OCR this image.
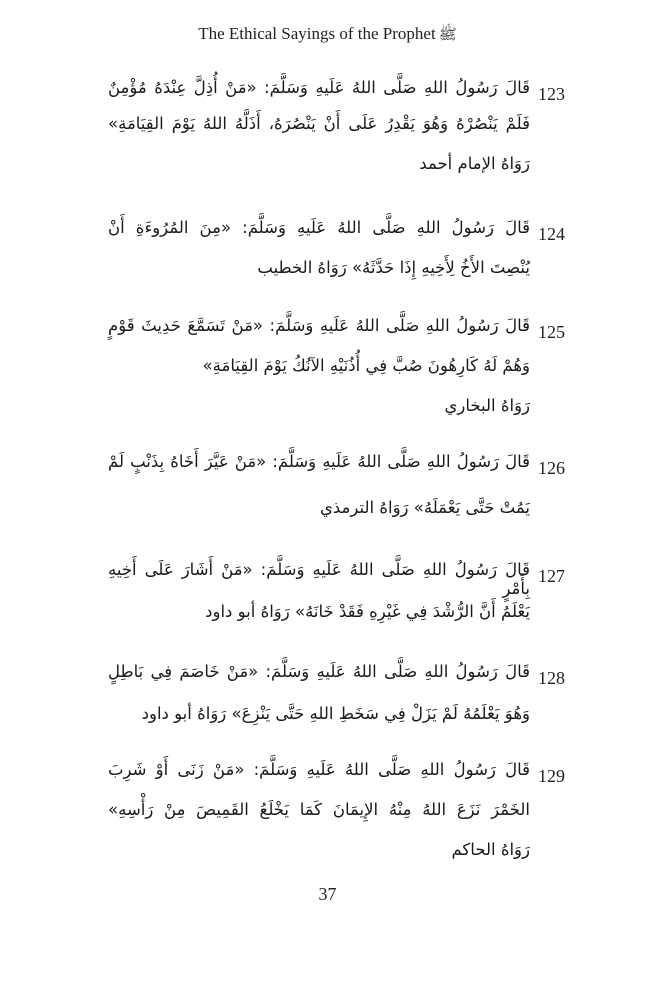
The Ethical Sayings of the Prophet ﷺ
123
قَالَ رَسُولُ اللهِ صَلَّى اللهُ عَلَيهِ وَسَلَّمَ: «مَنْ أُذِلَّ عِنْدَهُ مُؤْمِنٌ
فَلَمْ يَنْصُرْهُ وَهُوَ يَقْدِرُ عَلَى أَنْ يَنْصُرَهُ، أَذَلَّهُ اللهُ يَوْمَ القِيَامَةِ»
رَوَاهُ الإمام أحمد
124
قَالَ رَسُولُ اللهِ صَلَّى اللهُ عَلَيهِ وَسَلَّمَ: «مِنَ المُرُوءَةِ أَنْ
يُنْصِتَ الأَخُ لِأَخِيهِ إِذَا حَدَّثَهُ» رَوَاهُ الخطيب
125
قَالَ رَسُولُ اللهِ صَلَّى اللهُ عَلَيهِ وَسَلَّمَ: «مَنْ تَسَمَّعَ حَدِيثَ قَوْمٍ
وَهُمْ لَهُ كَارِهُونَ صُبَّ فِي أُذُنَيْهِ الآنُكُ يَوْمَ القِيَامَةِ»
رَوَاهُ البخاري
126
قَالَ رَسُولُ اللهِ صَلَّى اللهُ عَلَيهِ وَسَلَّمَ: «مَنْ عَيَّرَ أَخَاهُ بِذَنْبٍ لَمْ
يَمُتْ حَتَّى يَعْمَلَهُ» رَوَاهُ الترمذي
127
قَالَ رَسُولُ اللهِ صَلَّى اللهُ عَلَيهِ وَسَلَّمَ: «مَنْ أَشَارَ عَلَى أَخِيهِ بِأَمْرٍ
يَعْلَمُ أَنَّ الرُّشْدَ فِي غَيْرِهِ فَقَدْ خَانَهُ» رَوَاهُ أبو داود
128
قَالَ رَسُولُ اللهِ صَلَّى اللهُ عَلَيهِ وَسَلَّمَ: «مَنْ خَاصَمَ فِي بَاطِلٍ
وَهُوَ يَعْلَمُهُ لَمْ يَزَلْ فِي سَخَطِ اللهِ حَتَّى يَنْزِعَ» رَوَاهُ أبو داود
129
قَالَ رَسُولُ اللهِ صَلَّى اللهُ عَلَيهِ وَسَلَّمَ: «مَنْ زَنَى أَوْ شَرِبَ
الخَمْرَ نَزَعَ اللهُ مِنْهُ الإِيمَانَ كَمَا يَخْلَعُ القَمِيصَ مِنْ رَأْسِهِ»
رَوَاهُ الحاكم
37
